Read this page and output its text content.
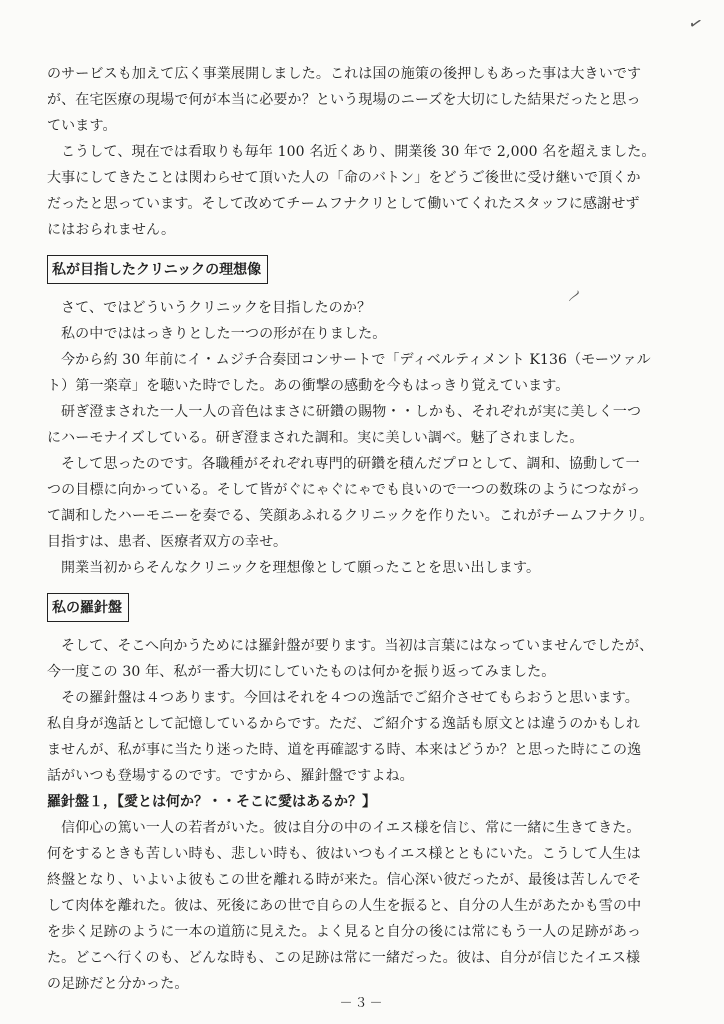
✓
〳
のサービスも加えて広く事業展開しました。これは国の施策の後押しもあった事は大きいです
が、在宅医療の現場で何が本当に必要か？という現場のニーズを大切にした結果だったと思っ
ています。
こうして、現在では看取りも毎年 100 名近くあり、開業後 30 年で 2,000 名を超えました。
大事にしてきたことは関わらせて頂いた人の「命のバトン」をどうご後世に受け継いで頂くか
だったと思っています。そして改めてチームフナクリとして働いてくれたスタッフに感謝せず
にはおられません。
私が目指したクリニックの理想像
さて、ではどういうクリニックを目指したのか？
私の中でははっきりとした一つの形が在りました。
今から約 30 年前にイ・ムジチ合奏団コンサートで「ディベルティメント K136（モーツァル
ト）第一楽章」を聴いた時でした。あの衝撃の感動を今もはっきり覚えています。
研ぎ澄まされた一人一人の音色はまさに研鑽の賜物・・しかも、それぞれが実に美しく一つ
にハーモナイズしている。研ぎ澄まされた調和。実に美しい調べ。魅了されました。
そして思ったのです。各職種がそれぞれ専門的研鑽を積んだプロとして、調和、協動して一
つの目標に向かっている。そして皆がぐにゃぐにゃでも良いので一つの数珠のようにつながっ
て調和したハーモニーを奏でる、笑顔あふれるクリニックを作りたい。これがチームフナクリ。
目指すは、患者、医療者双方の幸せ。
開業当初からそんなクリニックを理想像として願ったことを思い出します。
私の羅針盤
そして、そこへ向かうためには羅針盤が要ります。当初は言葉にはなっていませんでしたが、
今一度この 30 年、私が一番大切にしていたものは何かを振り返ってみました。
その羅針盤は４つあります。今回はそれを４つの逸話でご紹介させてもらおうと思います。
私自身が逸話として記憶しているからです。ただ、ご紹介する逸話も原文とは違うのかもしれ
ませんが、私が事に当たり迷った時、道を再確認する時、本来はどうか？と思った時にこの逸
話がいつも登場するのです。ですから、羅針盤ですよね。
羅針盤１，【愛とは何か？・・そこに愛はあるか？】
信仰心の篤い一人の若者がいた。彼は自分の中のイエス様を信じ、常に一緒に生きてきた。
何をするときも苦しい時も、悲しい時も、彼はいつもイエス様とともにいた。こうして人生は
終盤となり、いよいよ彼もこの世を離れる時が来た。信心深い彼だったが、最後は苦しんでそ
して肉体を離れた。彼は、死後にあの世で自らの人生を振ると、自分の人生があたかも雪の中
を歩く足跡のように一本の道筋に見えた。よく見ると自分の後には常にもう一人の足跡があっ
た。どこへ行くのも、どんな時も、この足跡は常に一緒だった。彼は、自分が信じたイエス様
の足跡だと分かった。
－３－
